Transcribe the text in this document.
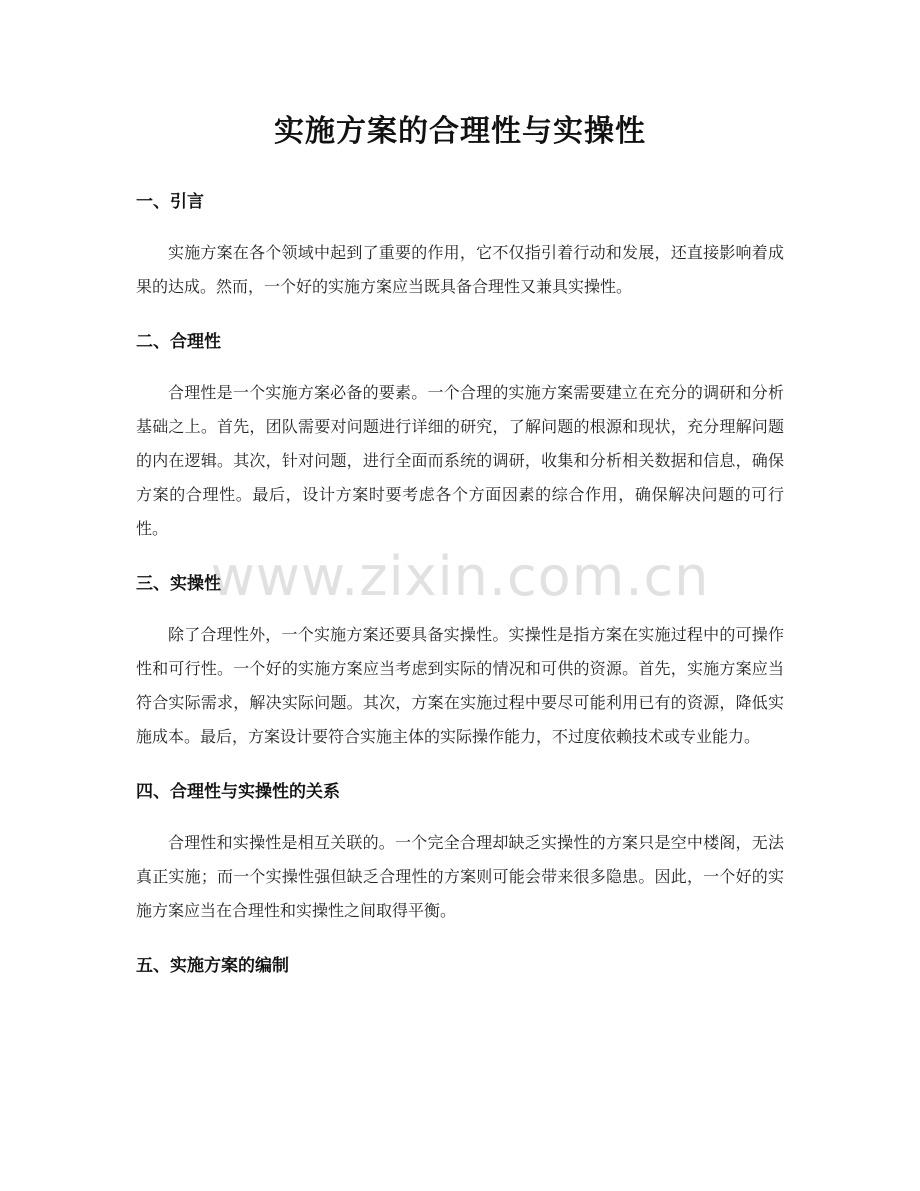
实施方案的合理性与实操性
一、引言

实施方案在各个领域中起到了重要的作用，它不仅指引着行动和发展，还直接影响着成果的达成。然而，一个好的实施方案应当既具备合理性又兼具实操性。

二、合理性

合理性是一个实施方案必备的要素。一个合理的实施方案需要建立在充分的调研和分析基础之上。首先，团队需要对问题进行详细的研究，了解问题的根源和现状，充分理解问题的内在逻辑。其次，针对问题，进行全面而系统的调研，收集和分析相关数据和信息，确保方案的合理性。最后，设计方案时要考虑各个方面因素的综合作用，确保解决问题的可行性。

三、实操性

除了合理性外，一个实施方案还要具备实操性。实操性是指方案在实施过程中的可操作性和可行性。一个好的实施方案应当考虑到实际的情况和可供的资源。首先，实施方案应当符合实际需求，解决实际问题。其次，方案在实施过程中要尽可能利用已有的资源，降低实施成本。最后，方案设计要符合实施主体的实际操作能力，不过度依赖技术或专业能力。

四、合理性与实操性的关系

合理性和实操性是相互关联的。一个完全合理却缺乏实操性的方案只是空中楼阁，无法真正实施；而一个实操性强但缺乏合理性的方案则可能会带来很多隐患。因此，一个好的实施方案应当在合理性和实操性之间取得平衡。

五、实施方案的编制
www.zixin.com.cn
